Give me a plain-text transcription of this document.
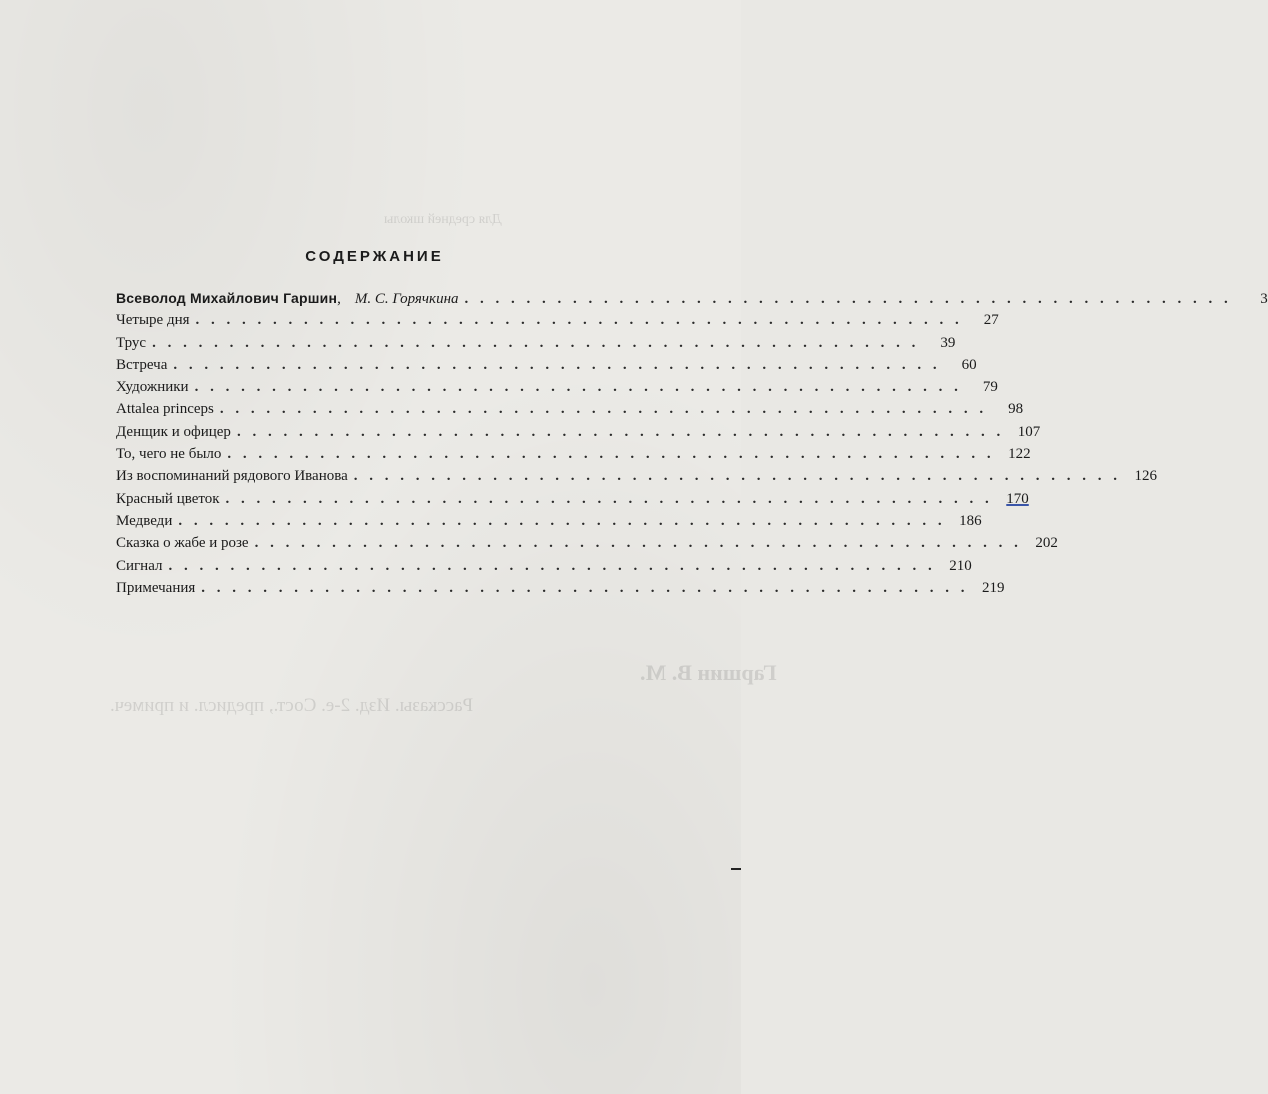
Для средней школы
Гаршин В. М.
Рассказы. Изд. 2-е. Сост., предисл. и примеч.
СОДЕРЖАНИЕ
Всеволод Михайлович Гаршин , М. С. Горячкина . . .	3
Четыре дня . . .	27
Трус . . .	39
Встреча . . .	60
Художники . . .	79
Attalea princeps . . .	98
Денщик и офицер . . .	107
То, чего не было . . .	122
Из воспоминаний рядового Иванова . . .	126
Красный цветок . . .	170
Медведи . . .	186
Сказка о жабе и розе . . .	202
Сигнал . . .	210
Примечания . . .	219
